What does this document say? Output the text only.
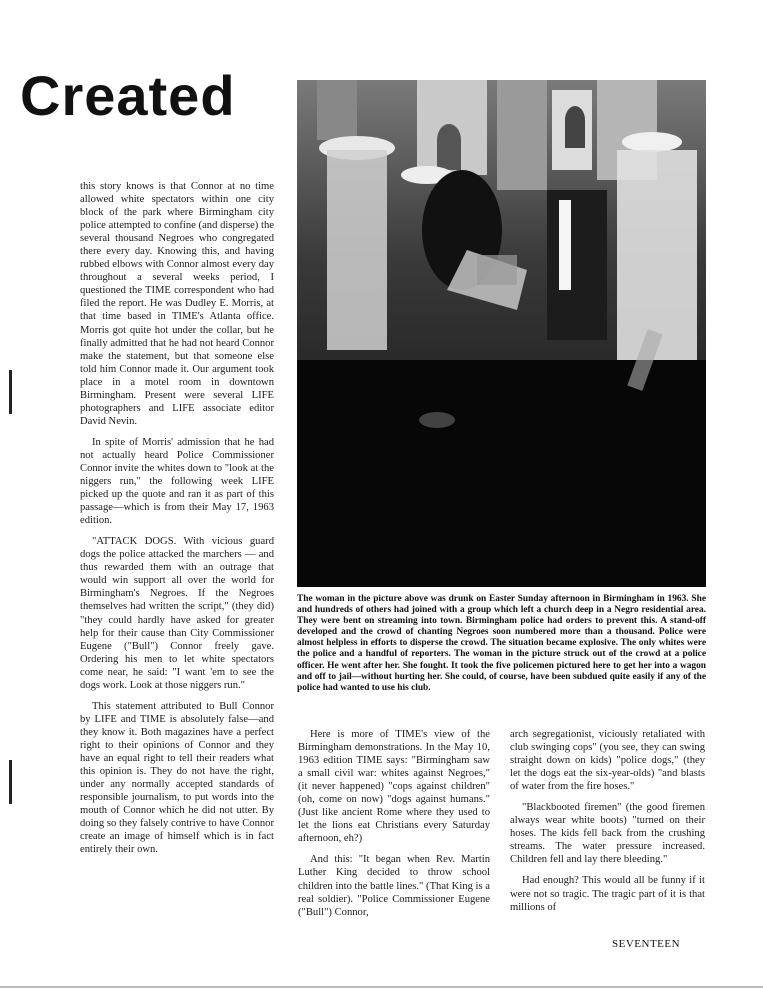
Created

this story knows is that Connor at no time allowed white spectators within one city block of the park where Birmingham city police attempted to confine (and disperse) the several thousand Negroes who congregated there every day. Knowing this, and having rubbed elbows with Connor almost every day throughout a several weeks period, I questioned the TIME correspondent who had filed the report. He was Dudley E. Morris, at that time based in TIME's Atlanta office. Morris got quite hot under the collar, but he finally admitted that he had not heard Connor make the statement, but that someone else told him Connor made it. Our argument took place in a motel room in downtown Birmingham. Present were several LIFE photographers and LIFE associate editor David Nevin.

In spite of Morris' admission that he had not actually heard Police Commissioner Connor invite the whites down to "look at the niggers run," the following week LIFE picked up the quote and ran it as part of this passage—which is from their May 17, 1963 edition.

"ATTACK DOGS. With vicious guard dogs the police attacked the marchers — and thus rewarded them with an outrage that would win support all over the world for Birmingham's Negroes. If the Negroes themselves had written the script," (they did) "they could hardly have asked for greater help for their cause than City Commissioner Eugene ("Bull") Connor freely gave. Ordering his men to let white spectators come near, he said: "I want 'em to see the dogs work. Look at those niggers run."

This statement attributed to Bull Connor by LIFE and TIME is absolutely false—and they know it. Both magazines have a perfect right to their opinions of Connor and they have an equal right to tell their readers what this opinion is. They do not have the right, under any normally accepted standards of responsible journalism, to put words into the mouth of Connor which he did not utter. By doing so they falsely contrive to have Connor create an image of himself which is in fact entirely their own.

The woman in the picture above was drunk on Easter Sunday afternoon in Birmingham in 1963. She and hundreds of others had joined with a group which left a church deep in a Negro residential area. They were bent on streaming into town. Birmingham police had orders to prevent this. A stand-off developed and the crowd of chanting Negroes soon numbered more than a thousand. Police were almost helpless in efforts to disperse the crowd. The situation became explosive. The only whites were the police and a handful of reporters. The woman in the picture struck out of the crowd at a police officer. He went after her. She fought. It took the five policemen pictured here to get her into a wagon and off to jail—without hurting her. She could, of course, have been subdued quite easily if any of the police had wanted to use his club.

Here is more of TIME's view of the Birmingham demonstrations. In the May 10, 1963 edition TIME says: "Birmingham saw a small civil war: whites against Negroes," (it never happened) "cops against children" (oh, come on now) "dogs against humans." (Just like ancient Rome where they used to let the lions eat Christians every Saturday afternoon, eh?)

And this: "It began when Rev. Martin Luther King decided to throw school children into the battle lines." (That King is a real soldier). "Police Commissioner Eugene ("Bull") Connor,

arch segregationist, viciously retaliated with club swinging cops" (you see, they can swing straight down on kids) "police dogs," (they let the dogs eat the six-year-olds) "and blasts of water from the fire hoses."

"Blackbooted firemen" (the good firemen always wear white boots) "turned on their hoses. The kids fell back from the crushing streams. The water pressure increased. Children fell and lay there bleeding."

Had enough? This would all be funny if it were not so tragic. The tragic part of it is that millions of

SEVENTEEN
